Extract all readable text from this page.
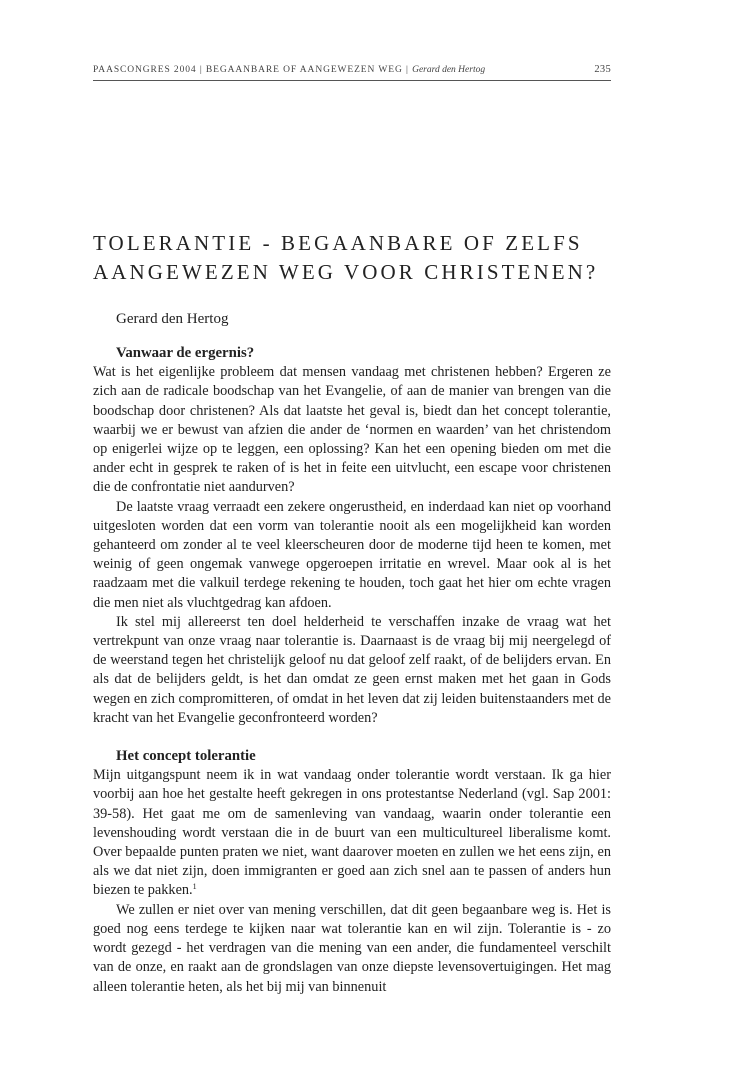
PAASCONGRES 2004 | BEGAANBARE OF AANGEWEZEN WEG | Gerard den Hertog	235
TOLERANTIE - BEGAANBARE OF ZELFS
AANGEWEZEN WEG VOOR CHRISTENEN?
Gerard den Hertog
Vanwaar de ergernis?

Wat is het eigenlijke probleem dat mensen vandaag met christenen hebben? Ergeren ze zich aan de radicale boodschap van het Evangelie, of aan de manier van brengen van die boodschap door christenen? Als dat laatste het geval is, biedt dan het concept tolerantie, waarbij we er bewust van afzien die ander de ‘normen en waarden’ van het christendom op enigerlei wijze op te leggen, een oplossing? Kan het een opening bieden om met die ander echt in gesprek te raken of is het in feite een uitvlucht, een escape voor christenen die de confrontatie niet aandurven?

De laatste vraag verraadt een zekere ongerustheid, en inderdaad kan niet op voorhand uitgesloten worden dat een vorm van tolerantie nooit als een mogelijkheid kan worden gehanteerd om zonder al te veel kleerscheuren door de moderne tijd heen te komen, met weinig of geen ongemak vanwege opgeroepen irritatie en wrevel. Maar ook al is het raadzaam met die valkuil terdege rekening te houden, toch gaat het hier om echte vragen die men niet als vluchtgedrag kan afdoen.

Ik stel mij allereerst ten doel helderheid te verschaffen inzake de vraag wat het vertrekpunt van onze vraag naar tolerantie is. Daarnaast is de vraag bij mij neergelegd of de weerstand tegen het christelijk geloof nu dat geloof zelf raakt, of de belijders ervan. En als dat de belijders geldt, is het dan omdat ze geen ernst maken met het gaan in Gods wegen en zich compromitteren, of omdat in het leven dat zij leiden buitenstaanders met de kracht van het Evangelie geconfronteerd worden?

Het concept tolerantie

Mijn uitgangspunt neem ik in wat vandaag onder tolerantie wordt verstaan. Ik ga hier voorbij aan hoe het gestalte heeft gekregen in ons protestantse Nederland (vgl. Sap 2001: 39-58). Het gaat me om de samenleving van vandaag, waarin onder tolerantie een levenshouding wordt verstaan die in de buurt van een multicultureel liberalisme komt. Over bepaalde punten praten we niet, want daarover moeten en zullen we het eens zijn, en als we dat niet zijn, doen immigranten er goed aan zich snel aan te passen of anders hun biezen te pakken.$^1$

We zullen er niet over van mening verschillen, dat dit geen begaanbare weg is. Het is goed nog eens terdege te kijken naar wat tolerantie kan en wil zijn. Tolerantie is - zo wordt gezegd - het verdragen van die mening van een ander, die fundamenteel verschilt van de onze, en raakt aan de grondslagen van onze diepste levensovertuigingen. Het mag alleen tolerantie heten, als het bij mij van binnenuit
